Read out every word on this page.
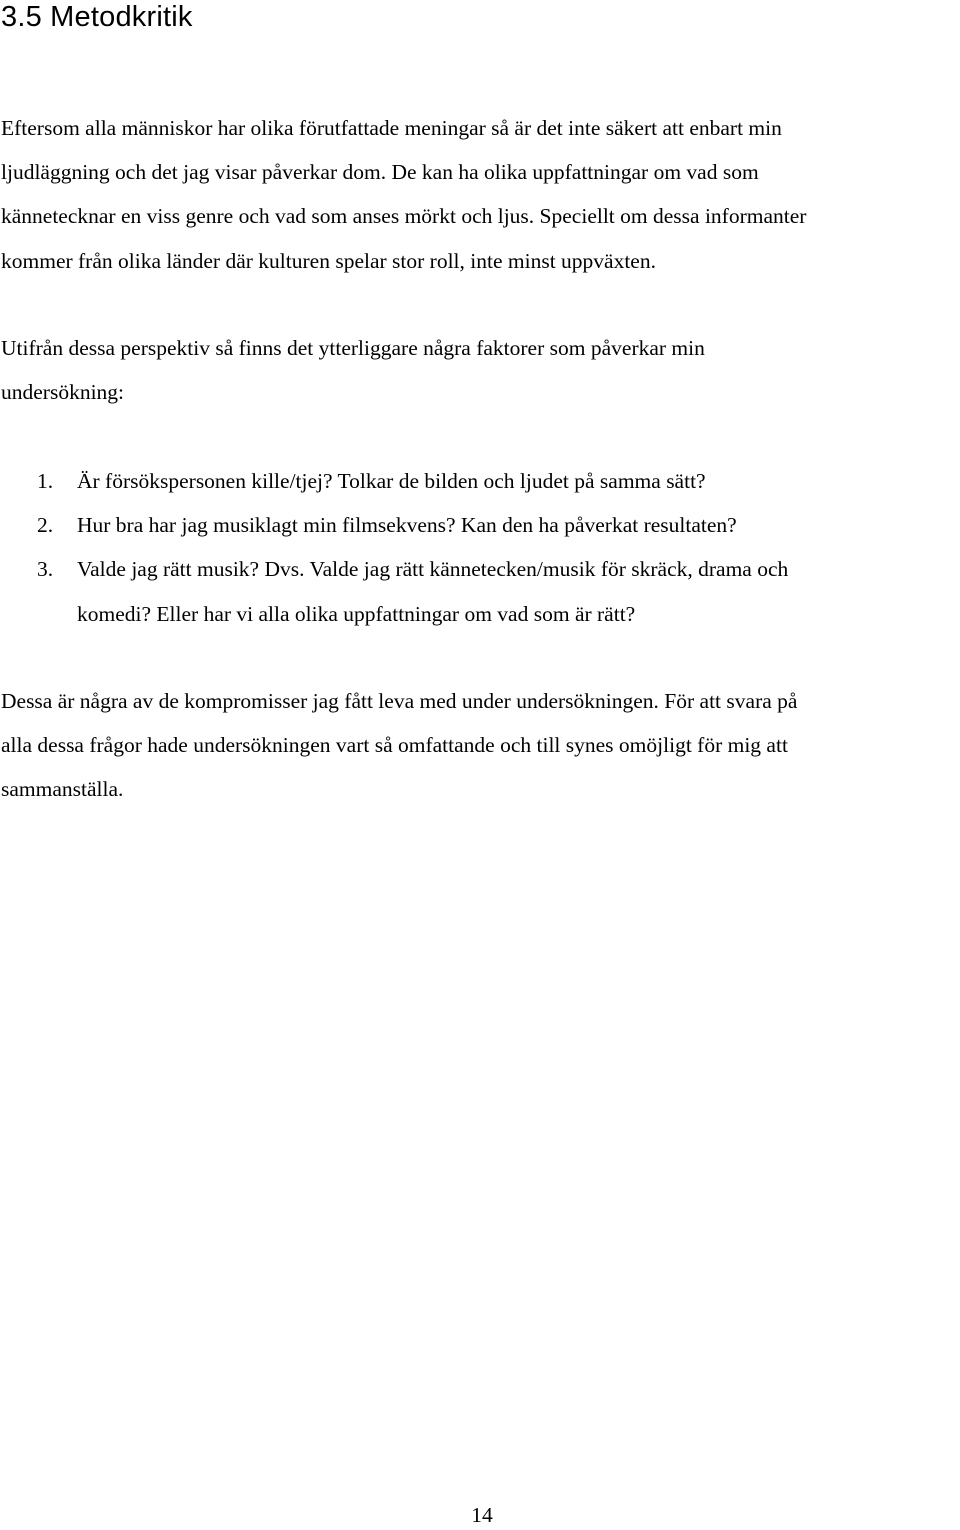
3.5 Metodkritik

Eftersom alla människor har olika förutfattade meningar så är det inte säkert att enbart min
ljudläggning och det jag visar påverkar dom. De kan ha olika uppfattningar om vad som
kännetecknar en viss genre och vad som anses mörkt och ljus. Speciellt om dessa informanter
kommer från olika länder där kulturen spelar stor roll, inte minst uppväxten.

Utifrån dessa perspektiv så finns det ytterliggare några faktorer som påverkar min
undersökning:

1. Är försökspersonen kille/tjej? Tolkar de bilden och ljudet på samma sätt?
2. Hur bra har jag musiklagt min filmsekvens? Kan den ha påverkat resultaten?
3. Valde jag rätt musik? Dvs. Valde jag rätt kännetecken/musik för skräck, drama och
komedi? Eller har vi alla olika uppfattningar om vad som är rätt?

Dessa är några av de kompromisser jag fått leva med under undersökningen. För att svara på
alla dessa frågor hade undersökningen vart så omfattande och till synes omöjligt för mig att
sammanställa.

14
